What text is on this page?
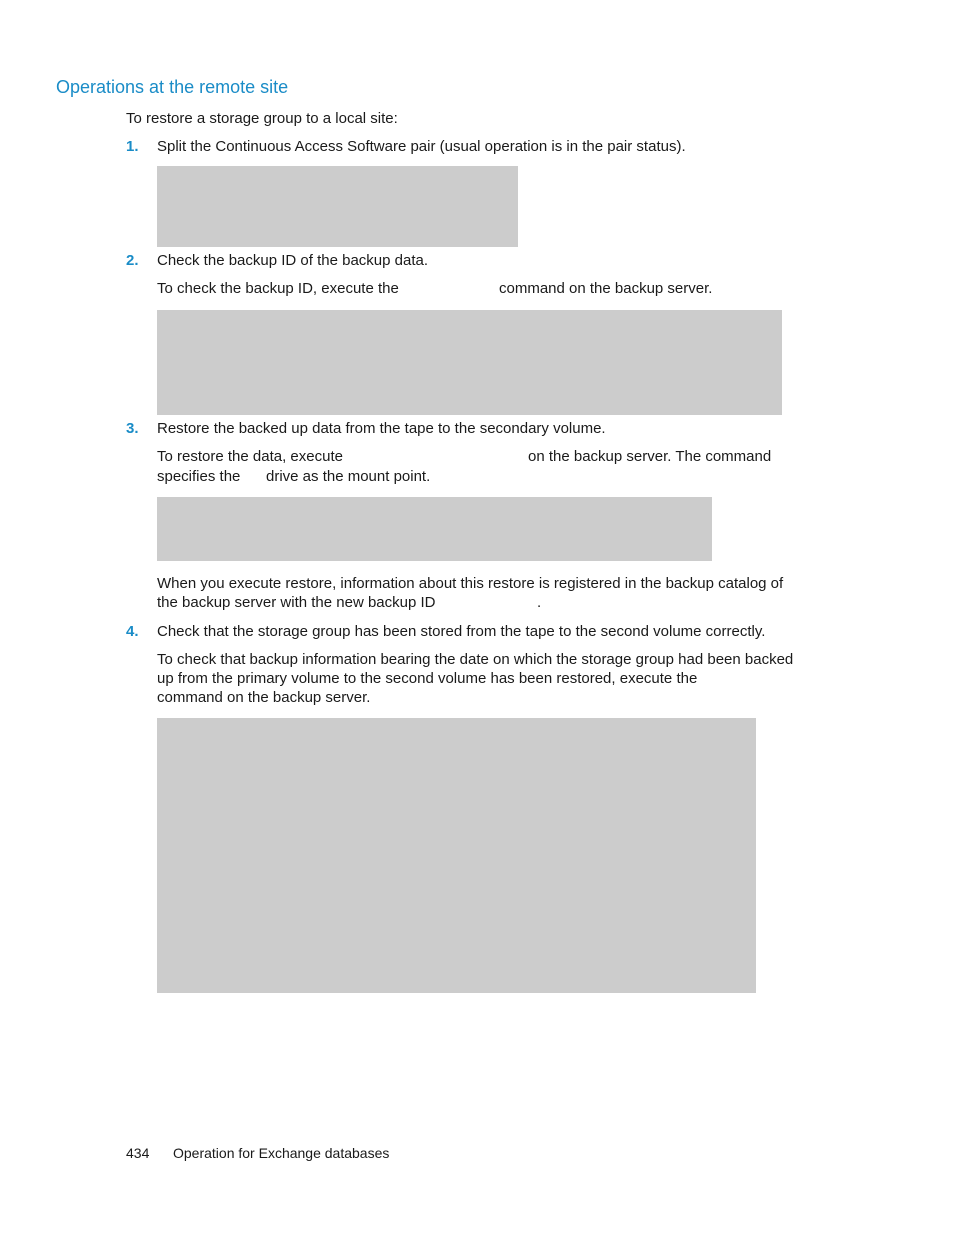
Operations at the remote site
To restore a storage group to a local site:
1. Split the Continuous Access Software pair (usual operation is in the pair status).
2. Check the backup ID of the backup data.
To check the backup ID, execute the	command on the backup server.
3. Restore the backed up data from the tape to the secondary volume.
To restore the data, execute	on the backup server. The command
specifies the drive as the mount point.
When you execute restore, information about this restore is registered in the backup catalog of
the backup server with the new backup ID	.
4. Check that the storage group has been stored from the tape to the second volume correctly.
To check that backup information bearing the date on which the storage group had been backed
up from the primary volume to the second volume has been restored, execute the
command on the backup server.
434 Operation for Exchange databases
